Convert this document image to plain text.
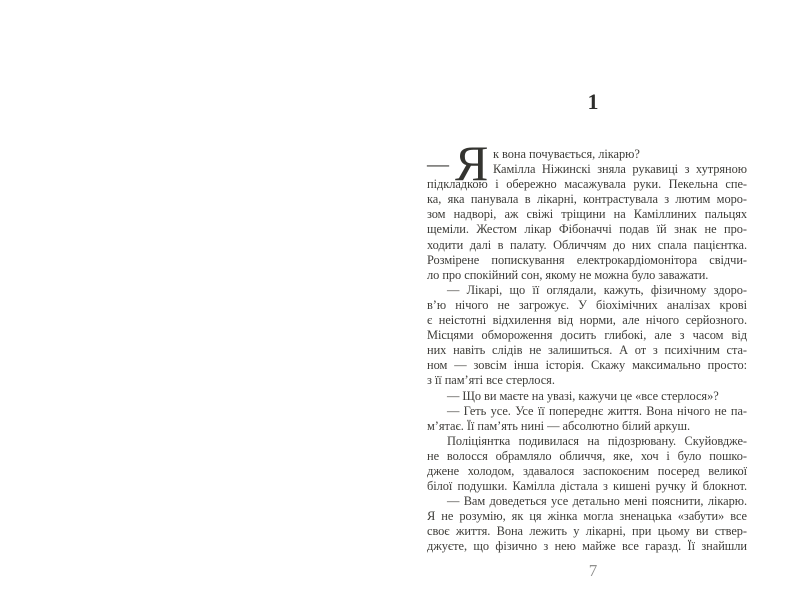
1
— Я к вона почувається, лікарю?
Камілла Ніжинскі зняла рукавиці з хутряною
підкладкою і обережно масажувала руки. Пекельна спе-
ка, яка панувала в лікарні, контрастувала з лютим моро-
зом надворі, аж свіжі тріщини на Каміллиних пальцях
щеміли. Жестом лікар Фібоначчі подав їй знак не про-
ходити далі в палату. Обличчям до них спала пацієнтка.
Розмірене попискування електрокардіомонітора свідчи-
ло про спокійний сон, якому не можна було заважати.
— Лікарі, що її оглядали, кажуть, фізичному здоро-
в’ю нічого не загрожує. У біохімічних аналізах крові
є неістотні відхилення від норми, але нічого серйозного.
Місцями обмороження досить глибокі, але з часом від
них навіть слідів не залишиться. А от з психічним ста-
ном — зовсім інша історія. Скажу максимально просто:
з її пам’яті все стерлося.
— Що ви маєте на увазі, кажучи це «все стерлося»?
— Геть усе. Усе її попереднє життя. Вона нічого не па-
м’ятає. Її пам’ять нині — абсолютно білий аркуш.
Поліціянтка подивилася на підозрювану. Скуйовдже-
не волосся обрамляло обличчя, яке, хоч і було пошко-
джене холодом, здавалося заспокоєним посеред великої
білої подушки. Камілла дістала з кишені ручку й блокнот.
— Вам доведеться усе детально мені пояснити, лікарю.
Я не розумію, як ця жінка могла зненацька «забути» все
своє життя. Вона лежить у лікарні, при цьому ви ствер-
джуєте, що фізично з нею майже все гаразд. Її знайшли
7
